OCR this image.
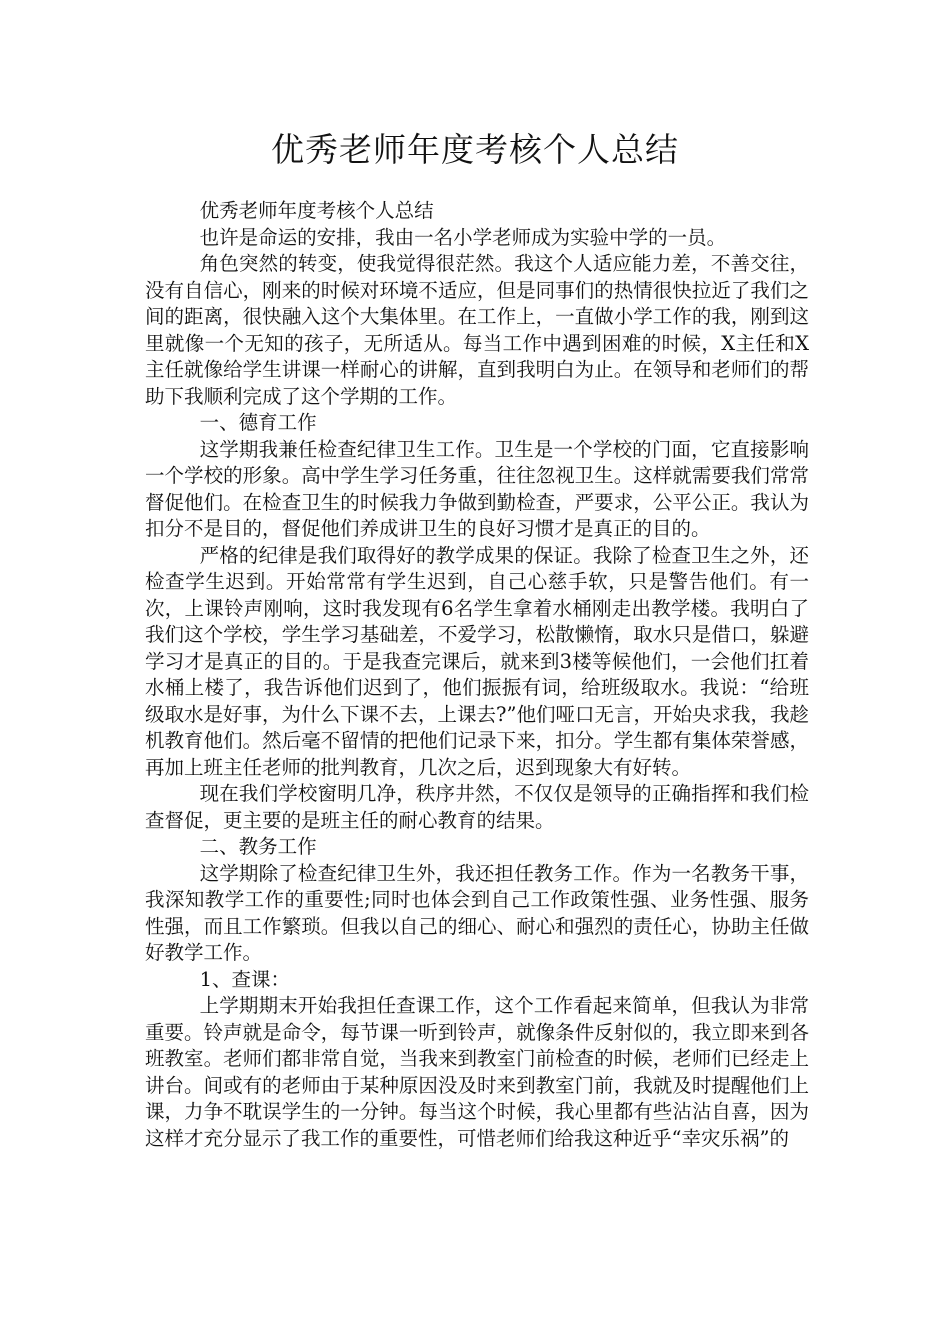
优秀老师年度考核个人总结

优秀老师年度考核个人总结

也许是命运的安排，我由一名小学老师成为实验中学的一员。

角色突然的转变，使我觉得很茫然。我这个人适应能力差，不善交往，没有自信心，刚来的时候对环境不适应，但是同事们的热情很快拉近了我们之间的距离，很快融入这个大集体里。在工作上，一直做小学工作的我，刚到这里就像一个无知的孩子，无所适从。每当工作中遇到困难的时候，X主任和X主任就像给学生讲课一样耐心的讲解，直到我明白为止。在领导和老师们的帮助下我顺利完成了这个学期的工作。

一、德育工作

这学期我兼任检查纪律卫生工作。卫生是一个学校的门面，它直接影响一个学校的形象。高中学生学习任务重，往往忽视卫生。这样就需要我们常常督促他们。在检查卫生的时候我力争做到勤检查，严要求，公平公正。我认为扣分不是目的，督促他们养成讲卫生的良好习惯才是真正的目的。

严格的纪律是我们取得好的教学成果的保证。我除了检查卫生之外，还检查学生迟到。开始常常有学生迟到，自己心慈手软，只是警告他们。有一次，上课铃声刚响，这时我发现有6名学生拿着水桶刚走出教学楼。我明白了我们这个学校，学生学习基础差，不爱学习，松散懒惰，取水只是借口，躲避学习才是真正的目的。于是我查完课后，就来到3楼等候他们，一会他们扛着水桶上楼了，我告诉他们迟到了，他们振振有词，给班级取水。我说：“给班级取水是好事，为什么下课不去，上课去?”他们哑口无言，开始央求我，我趁机教育他们。然后毫不留情的把他们记录下来，扣分。学生都有集体荣誉感，再加上班主任老师的批判教育，几次之后，迟到现象大有好转。

现在我们学校窗明几净，秩序井然，不仅仅是领导的正确指挥和我们检查督促，更主要的是班主任的耐心教育的结果。

二、教务工作

这学期除了检查纪律卫生外，我还担任教务工作。作为一名教务干事，我深知教学工作的重要性;同时也体会到自己工作政策性强、业务性强、服务性强，而且工作繁琐。但我以自己的细心、耐心和强烈的责任心，协助主任做好教学工作。

1、查课：

上学期期末开始我担任查课工作，这个工作看起来简单，但我认为非常重要。铃声就是命令，每节课一听到铃声，就像条件反射似的，我立即来到各班教室。老师们都非常自觉，当我来到教室门前检查的时候，老师们已经走上讲台。间或有的老师由于某种原因没及时来到教室门前，我就及时提醒他们上课，力争不耽误学生的一分钟。每当这个时候，我心里都有些沾沾自喜，因为这样才充分显示了我工作的重要性，可惜老师们给我这种近乎“幸灾乐祸”的
